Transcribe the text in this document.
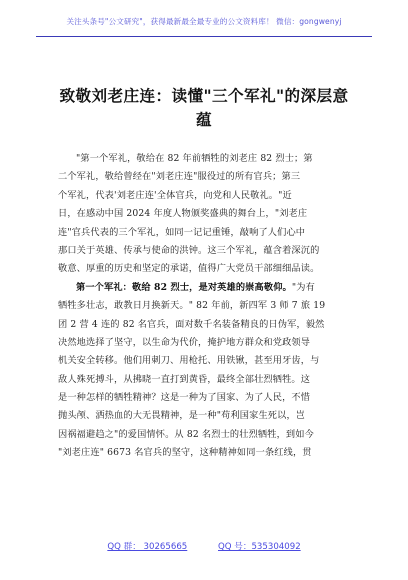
关注头条号"公文研究"，获得最新最全最专业的公文资料库！ 微信：gongwenyj
致敬刘老庄连：读懂"三个军礼"的深层意
蕴
"第一个军礼，敬给在 82 年前牺牲的刘老庄 82 烈士；第
二个军礼，敬给曾经在"刘老庄连"服役过的所有官兵；第三
个军礼，代表'刘老庄连'全体官兵，向党和人民敬礼。"近
日，在感动中国 2024 年度人物颁奖盛典的舞台上，"刘老庄
连"官兵代表的三个军礼，如同一记记重锤，敲响了人们心中
那口关于英雄、传承与使命的洪钟。这三个军礼，蕴含着深沉的
敬意、厚重的历史和坚定的承诺，值得广大党员干部细细品读。
第一个军礼：敬给 82 烈士，是对英雄的崇高敬仰。"为有
牺牲多壮志，敢教日月换新天。" 82 年前，新四军 3 师 7 旅 19
团 2 营 4 连的 82 名官兵，面对数千名装备精良的日伪军，毅然
决然地选择了坚守，以生命为代价，掩护地方群众和党政领导
机关安全转移。他们用刺刀、用枪托、用铁锹，甚至用牙齿，与
敌人殊死搏斗，从拂晓一直打到黄昏，最终全部壮烈牺牲。这
是一种怎样的牺牲精神？这是一种为了国家、为了人民，不惜
抛头颅、洒热血的大无畏精神，是一种"苟利国家生死以，岂
因祸福避趋之"的爱国情怀。从 82 名烈士的壮烈牺牲，到如今
"刘老庄连" 6673 名官兵的坚守，这种精神如同一条红线，贯
QQ 群： 30265665	QQ 号：535304092
